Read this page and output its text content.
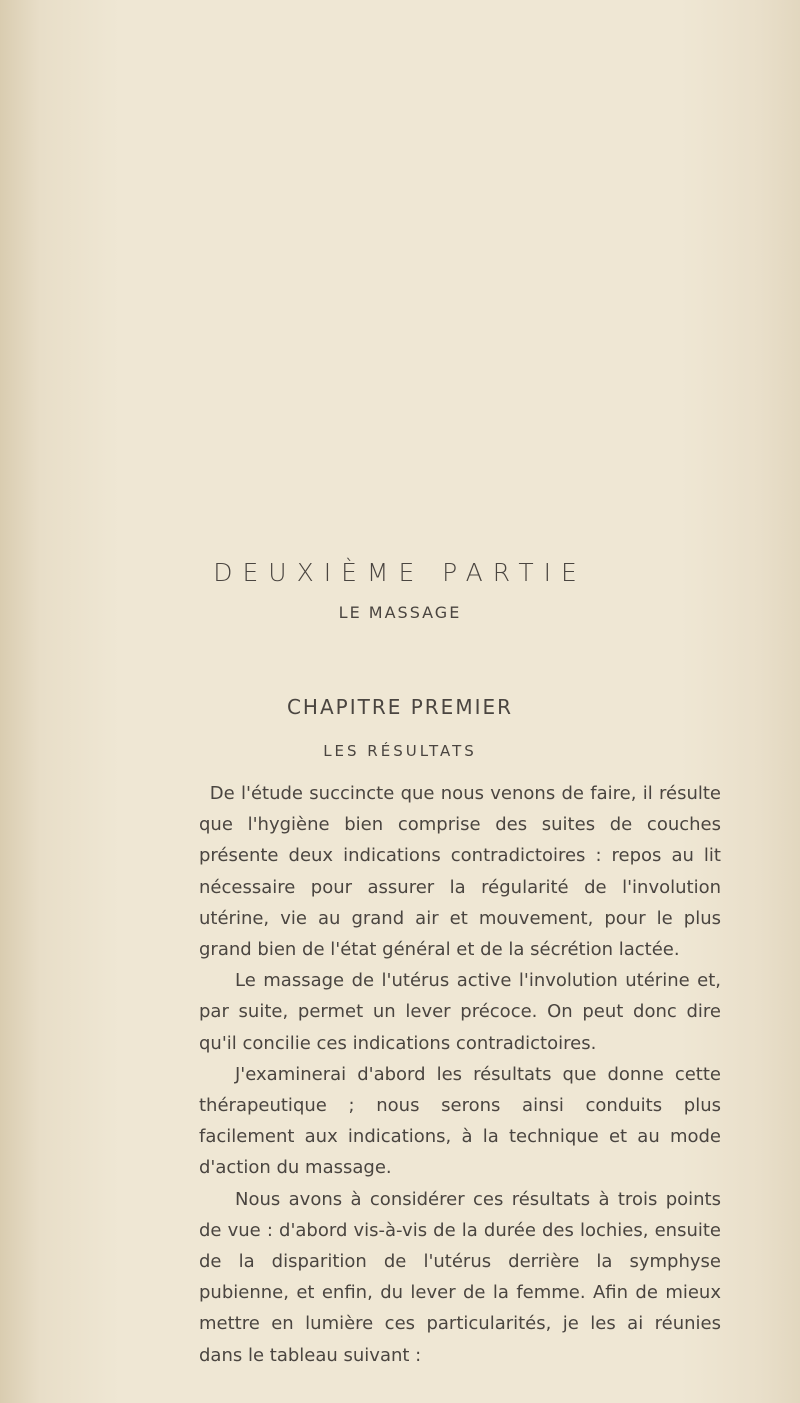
DEUXIÈME PARTIE
LE MASSAGE
CHAPITRE PREMIER
LES RÉSULTATS

De l'étude succincte que nous venons de faire, il résulte que l'hygiène bien comprise des suites de couches présente deux indications contradictoires : repos au lit nécessaire pour assurer la régularité de l'involution utérine, vie au grand air et mouvement, pour le plus grand bien de l'état général et de la sécrétion lactée.

Le massage de l'utérus active l'involution utérine et, par suite, permet un lever précoce. On peut donc dire qu'il concilie ces indications contradictoires.

J'examinerai d'abord les résultats que donne cette thérapeutique ; nous serons ainsi conduits plus facilement aux indications, à la technique et au mode d'action du massage.

Nous avons à considérer ces résultats à trois points de vue : d'abord vis-à-vis de la durée des lochies, ensuite de la disparition de l'utérus derrière la symphyse pubienne, et enfin, du lever de la femme. Afin de mieux mettre en lumière ces particularités, je les ai réunies dans le tableau suivant :
